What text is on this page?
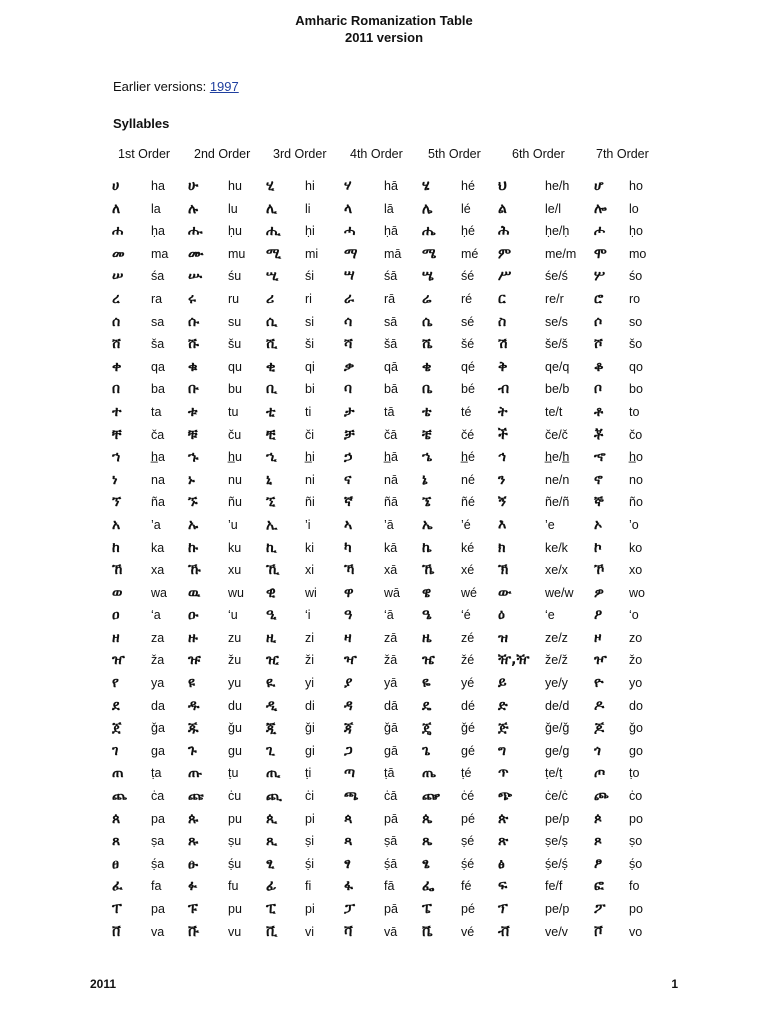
Amharic Romanization Table
2011 version
Earlier versions: 1997
Syllables
1st Order 2nd Order 3rd Order 4th Order 5th Order 6th Order 7th Order
ሀ	ha ሁ hu ሂ hi ሃ	hā ሄ	hé ህ	he/h ሆ ho
ለ la ሉ lu ሊ li ላ	lā ሌ lé ል	le/l ሎ lo
ሐ ḥa ሑ ḥu ሒ ḥi ሓ ḥā ሔ ḥé ሕ	ḥe/ḥ ሖ ḥo
መ ma ሙ mu ሚ mi ማ mā ሜ mé ም	me/m ሞ mo
ሠ śa ሡ śu ሢ śi ሣ śā ሤ śé ሥ	śe/ś ሦ śo
ረ ra ሩ	ru ሪ ri ራ rā ሬ ré ር	re/r ሮ ro
ሰ sa ሱ su ሲ si ሳ	sā ሴ sé ስ	se/s ሶ so
ሸ ša ሹ šu ሺ ši ሻ	šā ሼ šé ሽ	še/š ሾ šo
ቀ qa ቁ qu ቂ qi ቃ qā ቄ qé ቅ	qe/q ቆ qo
በ ba ቡ bu ቢ bi ባ	bā ቤ bé ብ	be/b ቦ bo
ተ ta ቱ tu ቲ ti ታ tā ቴ té ት	te/t ቶ to
ቸ ča ቹ ču ቺ či ቻ čā ቼ čé ች	če/č ቾ čo
ኀ h̲a ኁ h̲u ኂ h̲i ኃ	h̲ā ኄ h̲é ኅ	h̲e/h̲ ኆ h̲o
ነ	na ኑ	nu ኒ	ni ና	nā ኔ	né ን	ne/n ኖ no
ኘ ña ኙ ñu ኚ ñi ኛ ñā ኜ ñé ኝ	ñe/ñ ኞ ño
አ ’a ኡ ’u ኢ ’i ኣ	’ā ኤ ’é እ	’e	ኦ ’o
ከ	ka ኩ ku ኪ ki ካ	kā ኬ ké ክ	ke/k ኮ ko
ኸ xa ኹ xu ኺ xi ኻ xā ኼ xé ኽ	xe/x ኾ xo
ወ wa ዉ wu ዊ wi ዋ wā ዌ wé ው	we/w ዎ wo
ዐ	‘a ዑ ‘u ዒ ‘i ዓ	‘ā ዔ ‘é ዕ	‘e	ዖ ‘o
ዘ	za ዙ zu ዚ zi ዛ	zā ዜ zé ዝ	ze/z ዞ zo
ዠ ža ዡ žu ዢ ži ዣ žā ዤ žé ዥ,ዥ že/ž ዦ žo
የ	ya ዩ	yu ዪ yi ያ	yā ዬ yé ይ	ye/y ዮ yo
ደ	da ዱ du ዲ di ዳ	dā ዴ dé ድ	de/d ዶ do
ጀ ǧa ጁ ǧu ጂ ǧi ጃ ǧā ጄ ǧé ጅ	ǧe/ǧ ጆ ǧo
ገ	ga ጉ gu ጊ gi ጋ	gā ጌ gé ግ	ge/g ጎ go
ጠ ṭa ጡ ṭu ጢ ṭi ጣ ṭā ጤ ṭé ጥ	ṭe/ṭ ጦ ṭo
ጨ ċa ጩ ċu ጪ ċi ጫ ċā ጬ ċé ጭ	ċe/ċ ጮ ċo
ጰ pa ጱ pu ጲ pi ጳ	pā ጴ pé ጵ	pe/p ጶ po
ጸ ṣa ጹ ṣu ጺ ṣi ጻ	ṣā ጼ ṣé ጽ	ṣe/ṣ ጾ ṣo
ፀ	ṣ́a ፁ ṣ́u ፂ ṣ́i ፃ	ṣ́ā ፄ	ṣ́é ፅ	ṣ́e/ṣ́ ፆ ṣ́o
ፈ fa ፉ fu ፊ fi ፋ fā ፌ fé ፍ	fe/f ፎ fo
ፐ pa ፑ pu ፒ pi ፓ pā ፔ pé ፕ	pe/p ፖ po
ቨ va ቩ vu ቪ vi ቫ	vā ቬ vé ቭ	ve/v ቮ vo
2011	1
